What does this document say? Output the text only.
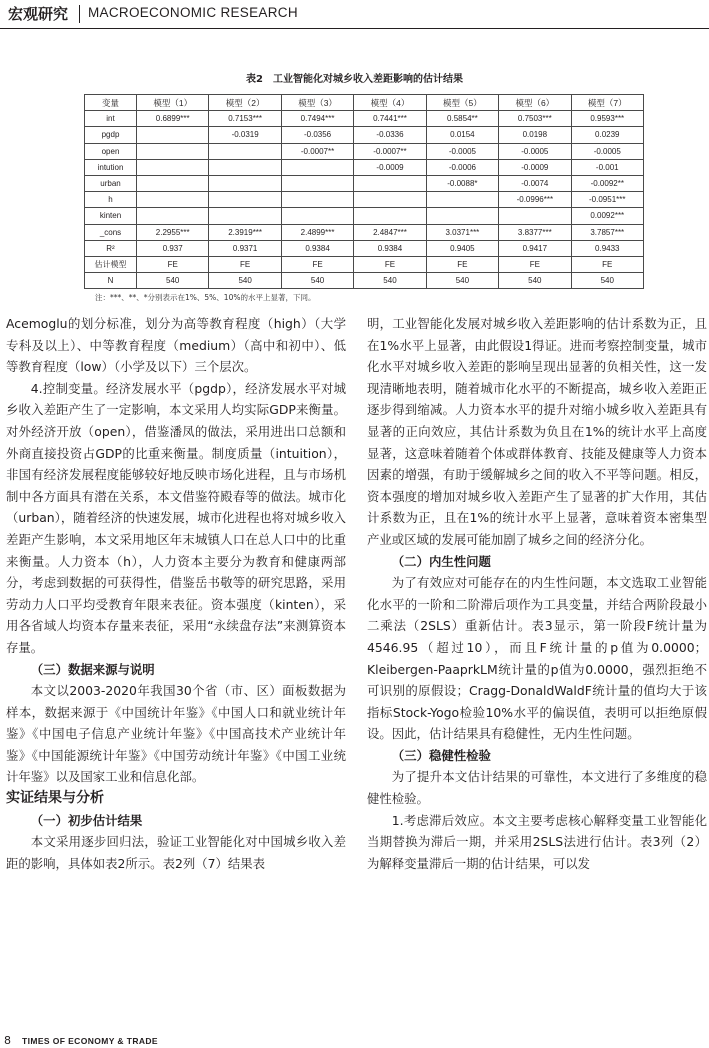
宏观研究 MACROECONOMIC RESEARCH
表2　工业智能化对城乡收入差距影响的估计结果
变量	模型（1）	模型（2）	模型（3）	模型（4）	模型（5）	模型（6）	模型（7）
int	0.6899***	0.7153***	0.7494***	0.7441***	0.5854**	0.7503***	0.9593***
pgdp		-0.0319	-0.0356	-0.0336	0.0154	0.0198	0.0239
open			-0.0007**	-0.0007**	-0.0005	-0.0005	-0.0005
intution				-0.0009	-0.0006	-0.0009	-0.001
urban					-0.0088*	-0.0074	-0.0092**
h						-0.0996***	-0.0951***
kinten							0.0092***
_cons	2.2955***	2.3919***	2.4899***	2.4847***	3.0371***	3.8377***	3.7857***
R²	0.937	0.9371	0.9384	0.9384	0.9405	0.9417	0.9433
估计模型	FE	FE	FE	FE	FE	FE	FE
N	540	540	540	540	540	540	540
注：***、**、*分别表示在1%、5%、10%的水平上显著，下同。

Acemoglu的划分标准，划分为高等教育程度（high）（大学专科及以上）、中等教育程度（medium）（高中和初中）、低等教育程度（low）（小学及以下）三个层次。

4.控制变量。经济发展水平（pgdp），经济发展水平对城乡收入差距产生了一定影响，本文采用人均实际GDP来衡量。对外经济开放（open），借鉴潘凤的做法，采用进出口总额和外商直接投资占GDP的比重来衡量。制度质量（intuition），非国有经济发展程度能够较好地反映市场化进程，且与市场机制中各方面具有潜在关系，本文借鉴符殿春等的做法。城市化（urban），随着经济的快速发展，城市化进程也将对城乡收入差距产生影响，本文采用地区年末城镇人口在总人口中的比重来衡量。人力资本（h），人力资本主要分为教育和健康两部分，考虑到数据的可获得性，借鉴岳书敬等的研究思路，采用劳动力人口平均受教育年限来表征。资本强度（kinten），采用各省域人均资本存量来表征，采用“永续盘存法”来测算资本存量。

（三）数据来源与说明

本文以2003-2020年我国30个省（市、区）面板数据为样本，数据来源于《中国统计年鉴》《中国人口和就业统计年鉴》《中国电子信息产业统计年鉴》《中国高技术产业统计年鉴》《中国能源统计年鉴》《中国劳动统计年鉴》《中国工业统计年鉴》以及国家工业和信息化部。

实证结果与分析

（一）初步估计结果

本文采用逐步回归法，验证工业智能化对中国城乡收入差距的影响，具体如表2所示。表2列（7）结果表

明，工业智能化发展对城乡收入差距影响的估计系数为正，且在1%水平上显著，由此假设1得证。进而考察控制变量，城市化水平对城乡收入差距的影响呈现出显著的负相关性，这一发现清晰地表明，随着城市化水平的不断提高，城乡收入差距正逐步得到缩减。人力资本水平的提升对缩小城乡收入差距具有显著的正向效应，其估计系数为负且在1%的统计水平上高度显著，这意味着随着个体或群体教育、技能及健康等人力资本因素的增强，有助于缓解城乡之间的收入不平等问题。相反，资本强度的增加对城乡收入差距产生了显著的扩大作用，其估计系数为正，且在1%的统计水平上显著，意味着资本密集型产业或区域的发展可能加剧了城乡之间的经济分化。

（二）内生性问题

为了有效应对可能存在的内生性问题，本文选取工业智能化水平的一阶和二阶滞后项作为工具变量，并结合两阶段最小二乘法（2SLS）重新估计。表3显示，第一阶段F统计量为4546.95（超过10），而且F统计量的p值为0.0000；Kleibergen-PaaprkLM统计量的p值为0.0000，强烈拒绝不可识别的原假设；Cragg-DonaldWaldF统计量的值均大于该指标Stock-Yogo检验10%水平的偏误值，表明可以拒绝原假设。因此，估计结果具有稳健性，无内生性问题。

（三）稳健性检验

为了提升本文估计结果的可靠性，本文进行了多维度的稳健性检验。

1.考虑滞后效应。本文主要考虑核心解释变量工业智能化当期替换为滞后一期，并采用2SLS法进行估计。表3列（2）为解释变量滞后一期的估计结果，可以发

8 TIMES OF ECONOMY & TRADE
